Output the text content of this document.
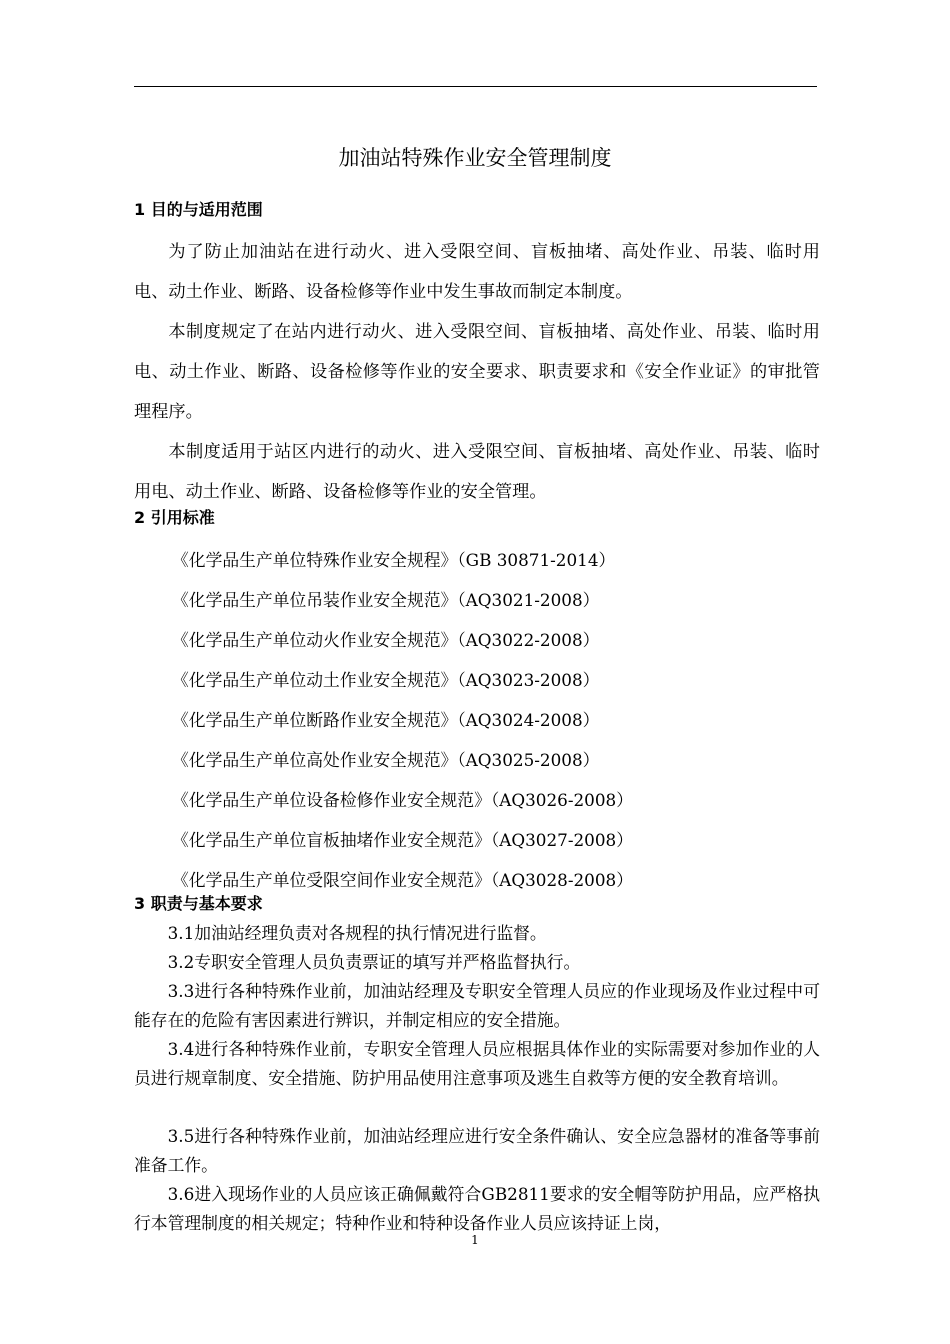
加油站特殊作业安全管理制度
1 目的与适用范围
为了防止加油站在进行动火、进入受限空间、盲板抽堵、高处作业、吊装、临时用电、动土作业、断路、设备检修等作业中发生事故而制定本制度。
本制度规定了在站内进行动火、进入受限空间、盲板抽堵、高处作业、吊装、临时用电、动土作业、断路、设备检修等作业的安全要求、职责要求和《安全作业证》的审批管理程序。
本制度适用于站区内进行的动火、进入受限空间、盲板抽堵、高处作业、吊装、临时用电、动土作业、断路、设备检修等作业的安全管理。
2 引用标准
《化学品生产单位特殊作业安全规程》（GB 30871-2014）
《化学品生产单位吊装作业安全规范》（AQ3021-2008）
《化学品生产单位动火作业安全规范》（AQ3022-2008）
《化学品生产单位动土作业安全规范》（AQ3023-2008）
《化学品生产单位断路作业安全规范》（AQ3024-2008）
《化学品生产单位高处作业安全规范》（AQ3025-2008）
《化学品生产单位设备检修作业安全规范》（AQ3026-2008）
《化学品生产单位盲板抽堵作业安全规范》（AQ3027-2008）
《化学品生产单位受限空间作业安全规范》（AQ3028-2008）
3 职责与基本要求
3.1加油站经理负责对各规程的执行情况进行监督。
3.2专职安全管理人员负责票证的填写并严格监督执行。
3.3进行各种特殊作业前，加油站经理及专职安全管理人员应的作业现场及作业过程中可能存在的危险有害因素进行辨识，并制定相应的安全措施。
3.4进行各种特殊作业前，专职安全管理人员应根据具体作业的实际需要对参加作业的人员进行规章制度、安全措施、防护用品使用注意事项及逃生自救等方便的安全教育培训。
3.5进行各种特殊作业前，加油站经理应进行安全条件确认、安全应急器材的准备等事前准备工作。
3.6进入现场作业的人员应该正确佩戴符合GB2811要求的安全帽等防护用品，应严格执行本管理制度的相关规定；特种作业和特种设备作业人员应该持证上岗，
1
